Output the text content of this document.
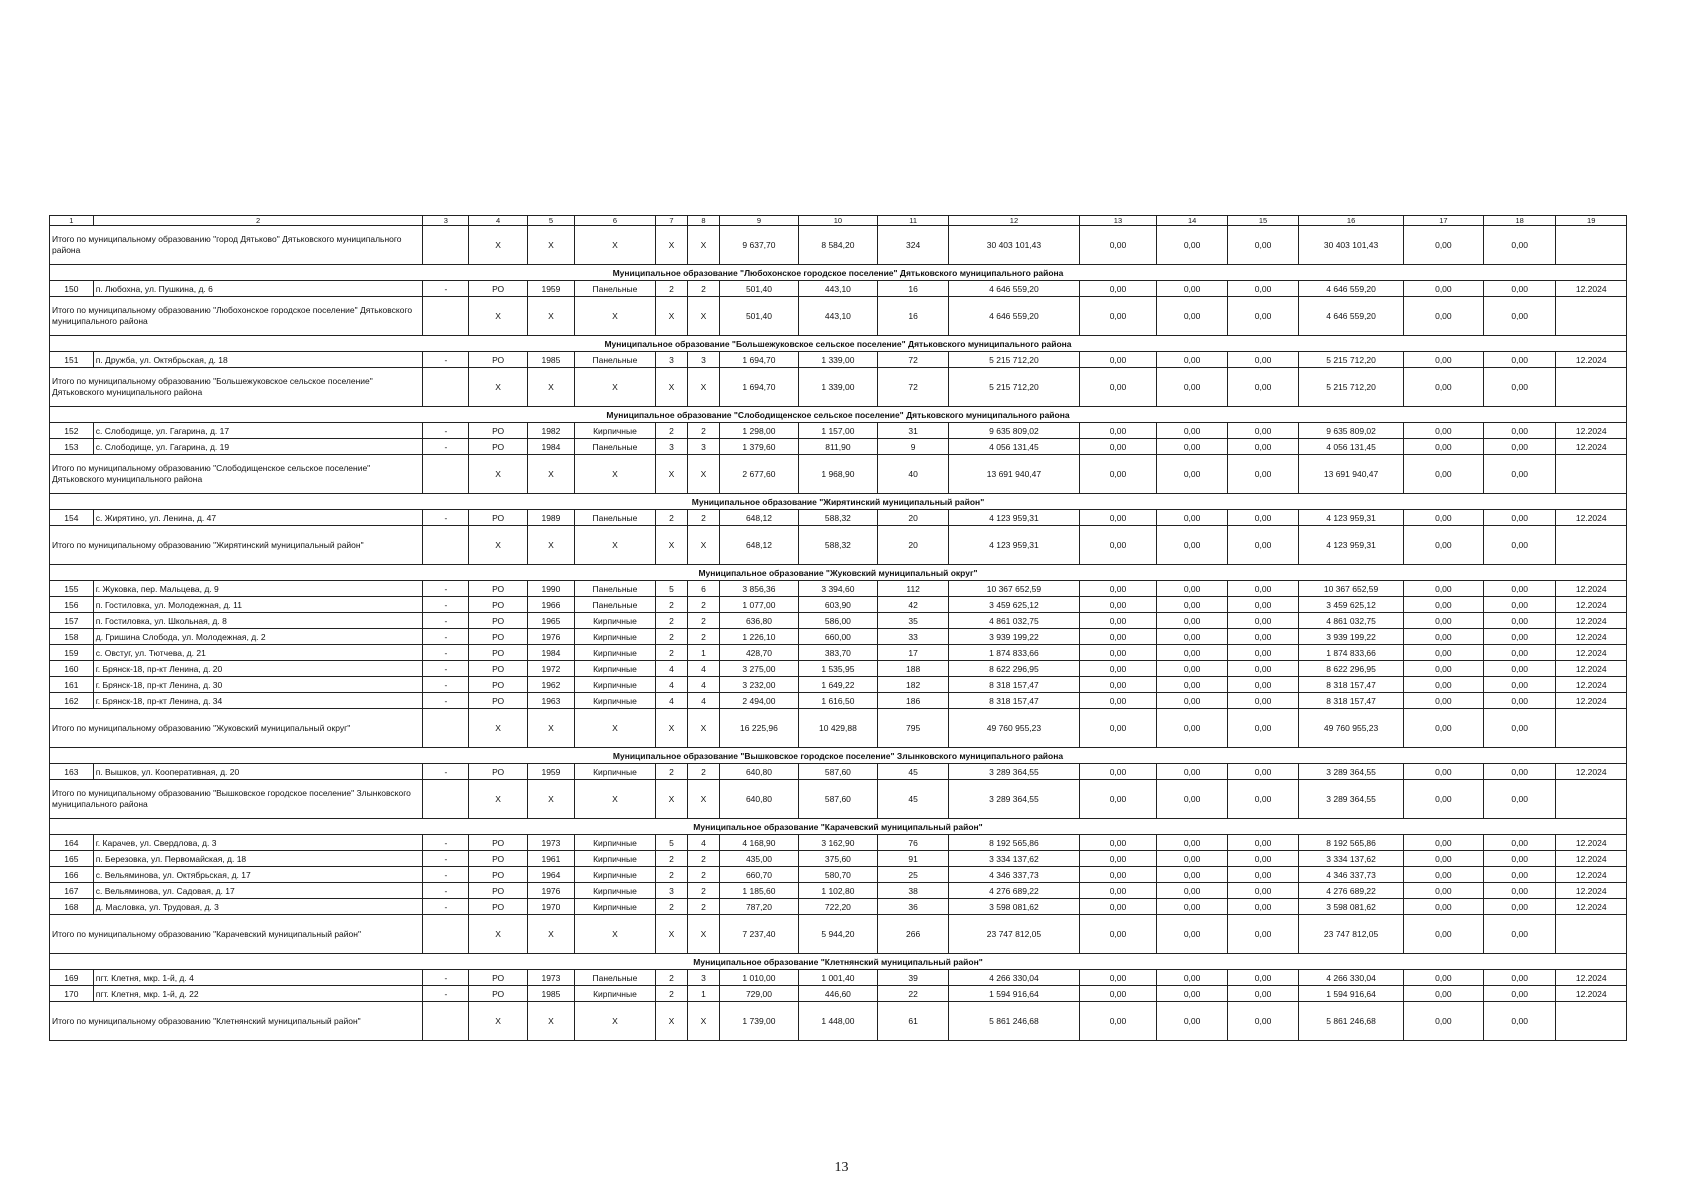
1	2	3	4	5	6	7	8	9	10	11	12	13	14	15	16	17	18	19
Итого по муниципальному образованию "город Дятьково" Дятьковского муниципального района			X	X	X	X	X	9 637,70	8 584,20	324	30 403 101,43	0,00	0,00	0,00	30 403 101,43	0,00	0,00	
Муниципальное образование "Любохонское городское поселение" Дятьковского муниципального района																		
150	п. Любохна, ул. Пушкина, д. 6	-	РО	1959	Панельные	2	2	501,40	443,10	16	4 646 559,20	0,00	0,00	0,00	4 646 559,20	0,00	0,00	12.2024
Итого по муниципальному образованию "Любохонское городское поселение" Дятьковского муниципального района			X	X	X	X	X	501,40	443,10	16	4 646 559,20	0,00	0,00	0,00	4 646 559,20	0,00	0,00	
Муниципальное образование "Большежуковское сельское поселение" Дятьковского муниципального района																		
151	п. Дружба, ул. Октябрьская, д. 18	-	РО	1985	Панельные	3	3	1 694,70	1 339,00	72	5 215 712,20	0,00	0,00	0,00	5 215 712,20	0,00	0,00	12.2024
Итого по муниципальному образованию "Большежуковское сельское поселение" Дятьковского муниципального района			X	X	X	X	X	1 694,70	1 339,00	72	5 215 712,20	0,00	0,00	0,00	5 215 712,20	0,00	0,00	
Муниципальное образование "Слободищенское сельское поселение" Дятьковского муниципального района																		
152	с. Слободище, ул. Гагарина, д. 17	-	РО	1982	Кирпичные	2	2	1 298,00	1 157,00	31	9 635 809,02	0,00	0,00	0,00	9 635 809,02	0,00	0,00	12.2024
153	с. Слободище, ул. Гагарина, д. 19	-	РО	1984	Панельные	3	3	1 379,60	811,90	9	4 056 131,45	0,00	0,00	0,00	4 056 131,45	0,00	0,00	12.2024
Итого по муниципальному образованию "Слободищенское сельское поселение" Дятьковского муниципального района			X	X	X	X	X	2 677,60	1 968,90	40	13 691 940,47	0,00	0,00	0,00	13 691 940,47	0,00	0,00	
Муниципальное образование "Жирятинский муниципальный район"																		
154	с. Жирятино, ул. Ленина, д. 47	-	РО	1989	Панельные	2	2	648,12	588,32	20	4 123 959,31	0,00	0,00	0,00	4 123 959,31	0,00	0,00	12.2024
Итого по муниципальному образованию "Жирятинский муниципальный район"			X	X	X	X	X	648,12	588,32	20	4 123 959,31	0,00	0,00	0,00	4 123 959,31	0,00	0,00	
Муниципальное образование "Жуковский муниципальный округ"																		
155	г. Жуковка, пер. Мальцева, д. 9	-	РО	1990	Панельные	5	6	3 856,36	3 394,60	112	10 367 652,59	0,00	0,00	0,00	10 367 652,59	0,00	0,00	12.2024
156	п. Гостиловка, ул. Молодежная, д. 11	-	РО	1966	Панельные	2	2	1 077,00	603,90	42	3 459 625,12	0,00	0,00	0,00	3 459 625,12	0,00	0,00	12.2024
157	п. Гостиловка, ул. Школьная, д. 8	-	РО	1965	Кирпичные	2	2	636,80	586,00	35	4 861 032,75	0,00	0,00	0,00	4 861 032,75	0,00	0,00	12.2024
158	д. Гришина Слобода, ул. Молодежная, д. 2	-	РО	1976	Кирпичные	2	2	1 226,10	660,00	33	3 939 199,22	0,00	0,00	0,00	3 939 199,22	0,00	0,00	12.2024
159	с. Овстуг, ул. Тютчева, д. 21	-	РО	1984	Кирпичные	2	1	428,70	383,70	17	1 874 833,66	0,00	0,00	0,00	1 874 833,66	0,00	0,00	12.2024
160	г. Брянск-18, пр-кт Ленина, д. 20	-	РО	1972	Кирпичные	4	4	3 275,00	1 535,95	188	8 622 296,95	0,00	0,00	0,00	8 622 296,95	0,00	0,00	12.2024
161	г. Брянск-18, пр-кт Ленина, д. 30	-	РО	1962	Кирпичные	4	4	3 232,00	1 649,22	182	8 318 157,47	0,00	0,00	0,00	8 318 157,47	0,00	0,00	12.2024
162	г. Брянск-18, пр-кт Ленина, д. 34	-	РО	1963	Кирпичные	4	4	2 494,00	1 616,50	186	8 318 157,47	0,00	0,00	0,00	8 318 157,47	0,00	0,00	12.2024
Итого по муниципальному образованию "Жуковский муниципальный округ"			X	X	X	X	X	16 225,96	10 429,88	795	49 760 955,23	0,00	0,00	0,00	49 760 955,23	0,00	0,00	
Муниципальное образование "Вышковское городское поселение" Злынковского муниципального района																		
163	п. Вышков, ул. Кооперативная, д. 20	-	РО	1959	Кирпичные	2	2	640,80	587,60	45	3 289 364,55	0,00	0,00	0,00	3 289 364,55	0,00	0,00	12.2024
Итого по муниципальному образованию "Вышковское городское поселение" Злынковского муниципального района			X	X	X	X	X	640,80	587,60	45	3 289 364,55	0,00	0,00	0,00	3 289 364,55	0,00	0,00	
Муниципальное образование "Карачевский муниципальный район"																		
164	г. Карачев, ул. Свердлова, д. 3	-	РО	1973	Кирпичные	5	4	4 168,90	3 162,90	76	8 192 565,86	0,00	0,00	0,00	8 192 565,86	0,00	0,00	12.2024
165	п. Березовка, ул. Первомайская, д. 18	-	РО	1961	Кирпичные	2	2	435,00	375,60	91	3 334 137,62	0,00	0,00	0,00	3 334 137,62	0,00	0,00	12.2024
166	с. Вельяминова, ул. Октябрьская, д. 17	-	РО	1964	Кирпичные	2	2	660,70	580,70	25	4 346 337,73	0,00	0,00	0,00	4 346 337,73	0,00	0,00	12.2024
167	с. Вельяминова, ул. Садовая, д. 17	-	РО	1976	Кирпичные	3	2	1 185,60	1 102,80	38	4 276 689,22	0,00	0,00	0,00	4 276 689,22	0,00	0,00	12.2024
168	д. Масловка, ул. Трудовая, д. 3	-	РО	1970	Кирпичные	2	2	787,20	722,20	36	3 598 081,62	0,00	0,00	0,00	3 598 081,62	0,00	0,00	12.2024
Итого по муниципальному образованию "Карачевский муниципальный район"			X	X	X	X	X	7 237,40	5 944,20	266	23 747 812,05	0,00	0,00	0,00	23 747 812,05	0,00	0,00	
Муниципальное образование "Клетнянский муниципальный район"																		
169	пгт. Клетня, мкр. 1-й, д. 4	-	РО	1973	Панельные	2	3	1 010,00	1 001,40	39	4 266 330,04	0,00	0,00	0,00	4 266 330,04	0,00	0,00	12.2024
170	пгт. Клетня, мкр. 1-й, д. 22	-	РО	1985	Кирпичные	2	1	729,00	446,60	22	1 594 916,64	0,00	0,00	0,00	1 594 916,64	0,00	0,00	12.2024
Итого по муниципальному образованию "Клетнянский муниципальный район"			X	X	X	X	X	1 739,00	1 448,00	61	5 861 246,68	0,00	0,00	0,00	5 861 246,68	0,00	0,00	
13
